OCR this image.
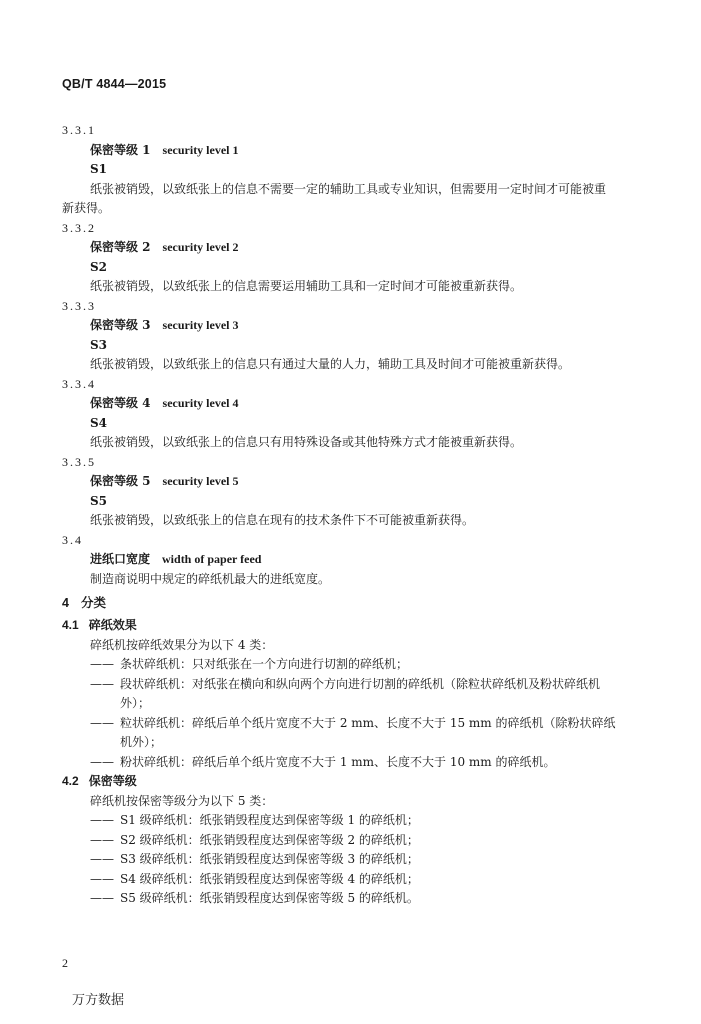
QB/T 4844—2015
3.3.1
保密等级 1 security level 1
S1
纸张被销毁，以致纸张上的信息不需要一定的辅助工具或专业知识，但需要用一定时间才可能被重
新获得。
3.3.2
保密等级 2 security level 2
S2
纸张被销毁，以致纸张上的信息需要运用辅助工具和一定时间才可能被重新获得。
3.3.3
保密等级 3 security level 3
S3
纸张被销毁，以致纸张上的信息只有通过大量的人力，辅助工具及时间才可能被重新获得。
3.3.4
保密等级 4 security level 4
S4
纸张被销毁，以致纸张上的信息只有用特殊设备或其他特殊方式才能被重新获得。
3.3.5
保密等级 5 security level 5
S5
纸张被销毁，以致纸张上的信息在现有的技术条件下不可能被重新获得。
3.4
进纸口宽度 width of paper feed
制造商说明中规定的碎纸机最大的进纸宽度。
4 分类
4.1 碎纸效果
碎纸机按碎纸效果分为以下 4 类：
—— 条状碎纸机：只对纸张在一个方向进行切割的碎纸机；
—— 段状碎纸机：对纸张在横向和纵向两个方向进行切割的碎纸机（除粒状碎纸机及粉状碎纸机
外）；
—— 粒状碎纸机：碎纸后单个纸片宽度不大于 2 mm、长度不大于 15 mm 的碎纸机（除粉状碎纸
机外）；
—— 粉状碎纸机：碎纸后单个纸片宽度不大于 1 mm、长度不大于 10 mm 的碎纸机。
4.2 保密等级
碎纸机按保密等级分为以下 5 类：
—— S1 级碎纸机：纸张销毁程度达到保密等级 1 的碎纸机；
—— S2 级碎纸机：纸张销毁程度达到保密等级 2 的碎纸机；
—— S3 级碎纸机：纸张销毁程度达到保密等级 3 的碎纸机；
—— S4 级碎纸机：纸张销毁程度达到保密等级 4 的碎纸机；
—— S5 级碎纸机：纸张销毁程度达到保密等级 5 的碎纸机。
2
万方数据
